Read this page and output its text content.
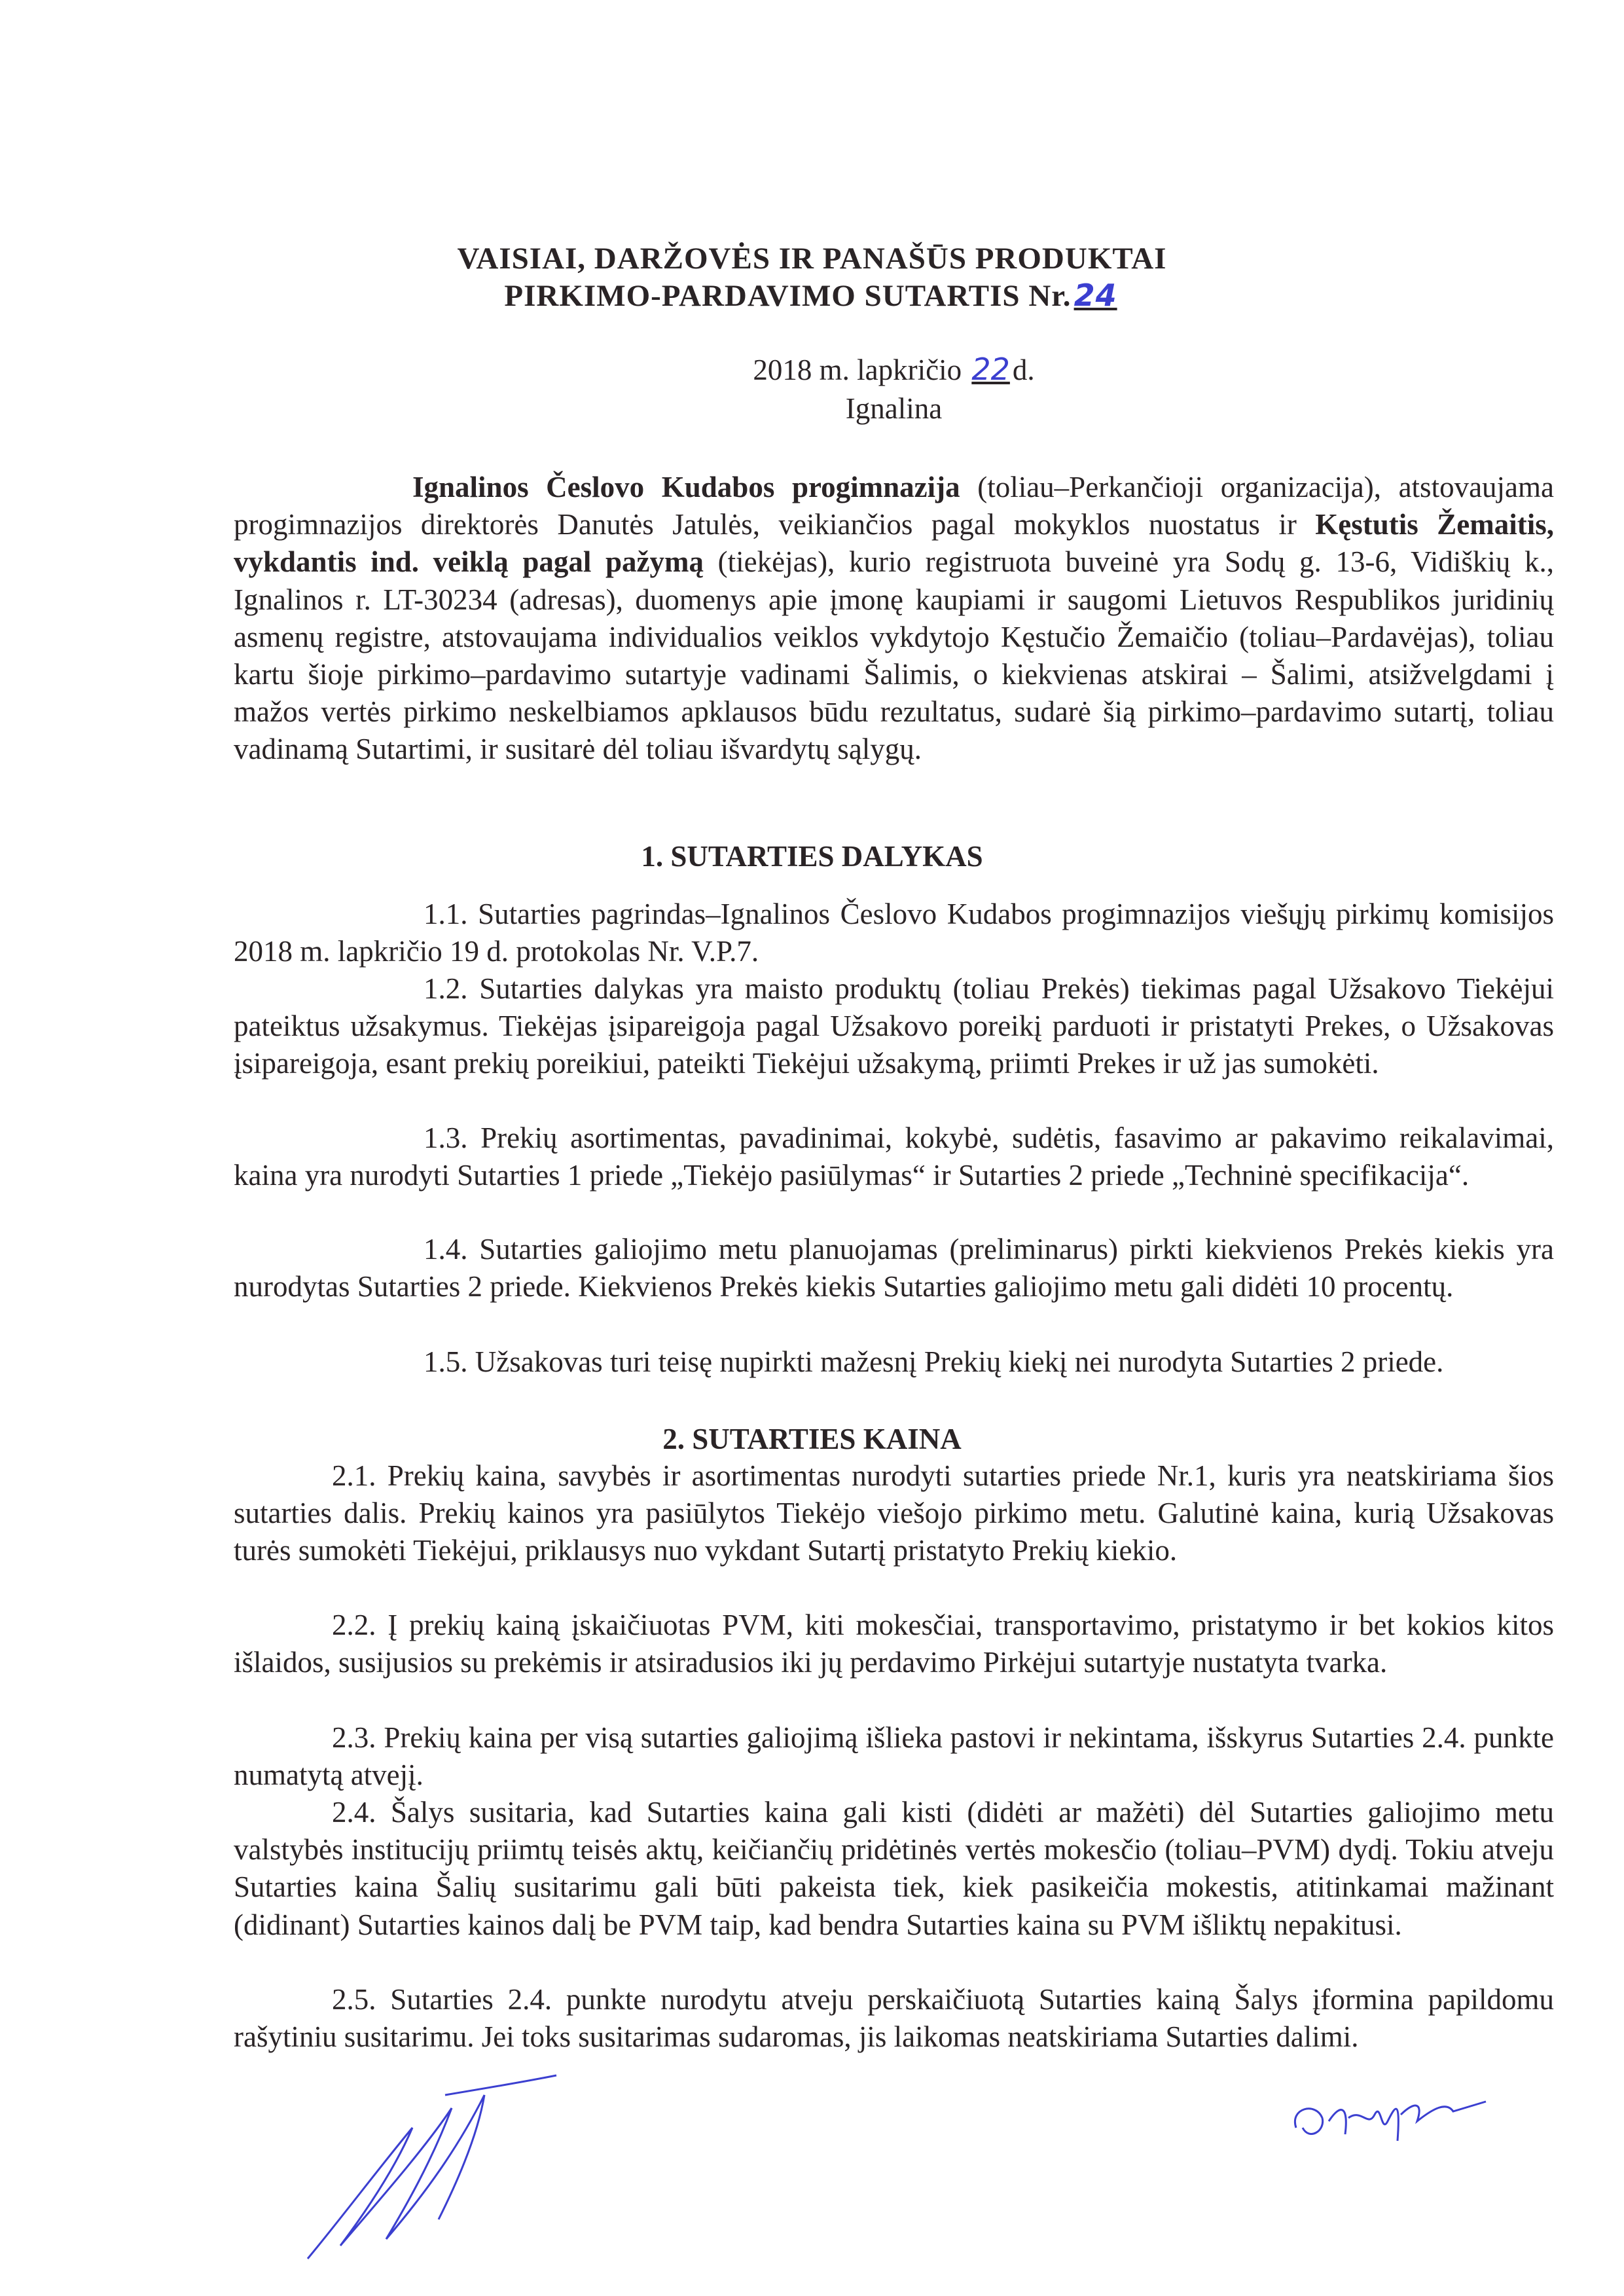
VAISIAI, DARŽOVĖS IR PANAŠŪS PRODUKTAI
PIRKIMO-PARDAVIMO SUTARTIS Nr.24
2018 m. lapkričio 22d.
Ignalina
Ignalinos Česlovo Kudabos progimnazija (toliau–Perkančioji organizacija), atstovaujama progimnazijos direktorės Danutės Jatulės, veikiančios pagal mokyklos nuostatus ir Kęstutis Žemaitis, vykdantis ind. veiklą pagal pažymą (tiekėjas), kurio registruota buveinė yra Sodų g. 13-6, Vidiškių k., Ignalinos r. LT-30234 (adresas), duomenys apie įmonę kaupiami ir saugomi Lietuvos Respublikos juridinių asmenų registre, atstovaujama individualios veiklos vykdytojo Kęstučio Žemaičio (toliau–Pardavėjas), toliau kartu šioje pirkimo–pardavimo sutartyje vadinami Šalimis, o kiekvienas atskirai – Šalimi, atsižvelgdami į mažos vertės pirkimo neskelbiamos apklausos būdu rezultatus, sudarė šią pirkimo–pardavimo sutartį, toliau vadinamą Sutartimi, ir susitarė dėl toliau išvardytų sąlygų.
1. SUTARTIES DALYKAS
1.1. Sutarties pagrindas–Ignalinos Česlovo Kudabos progimnazijos viešųjų pirkimų komisijos 2018 m. lapkričio 19 d. protokolas Nr. V.P.7.
1.2. Sutarties dalykas yra maisto produktų (toliau Prekės) tiekimas pagal Užsakovo Tiekėjui pateiktus užsakymus. Tiekėjas įsipareigoja pagal Užsakovo poreikį parduoti ir pristatyti Prekes, o Užsakovas įsipareigoja, esant prekių poreikiui, pateikti Tiekėjui užsakymą, priimti Prekes ir už jas sumokėti.
1.3. Prekių asortimentas, pavadinimai, kokybė, sudėtis, fasavimo ar pakavimo reikalavimai, kaina yra nurodyti Sutarties 1 priede „Tiekėjo pasiūlymas“ ir Sutarties 2 priede „Techninė specifikacija“.
1.4. Sutarties galiojimo metu planuojamas (preliminarus) pirkti kiekvienos Prekės kiekis yra nurodytas Sutarties 2 priede. Kiekvienos Prekės kiekis Sutarties galiojimo metu gali didėti 10 procentų.
1.5. Užsakovas turi teisę nupirkti mažesnį Prekių kiekį nei nurodyta Sutarties 2 priede.
2. SUTARTIES KAINA
2.1. Prekių kaina, savybės ir asortimentas nurodyti sutarties priede Nr.1, kuris yra neatskiriama šios sutarties dalis. Prekių kainos yra pasiūlytos Tiekėjo viešojo pirkimo metu. Galutinė kaina, kurią Užsakovas turės sumokėti Tiekėjui, priklausys nuo vykdant Sutartį pristatyto Prekių kiekio.
2.2. Į prekių kainą įskaičiuotas PVM, kiti mokesčiai, transportavimo, pristatymo ir bet kokios kitos išlaidos, susijusios su prekėmis ir atsiradusios iki jų perdavimo Pirkėjui sutartyje nustatyta tvarka.
2.3. Prekių kaina per visą sutarties galiojimą išlieka pastovi ir nekintama, išskyrus Sutarties 2.4. punkte numatytą atvejį.
2.4. Šalys susitaria, kad Sutarties kaina gali kisti (didėti ar mažėti) dėl Sutarties galiojimo metu valstybės institucijų priimtų teisės aktų, keičiančių pridėtinės vertės mokesčio (toliau–PVM) dydį. Tokiu atveju Sutarties kaina Šalių susitarimu gali būti pakeista tiek, kiek pasikeičia mokestis, atitinkamai mažinant (didinant) Sutarties kainos dalį be PVM taip, kad bendra Sutarties kaina su PVM išliktų nepakitusi.
2.5. Sutarties 2.4. punkte nurodytu atveju perskaičiuotą Sutarties kainą Šalys įformina papildomu rašytiniu susitarimu. Jei toks susitarimas sudaromas, jis laikomas neatskiriama Sutarties dalimi.
